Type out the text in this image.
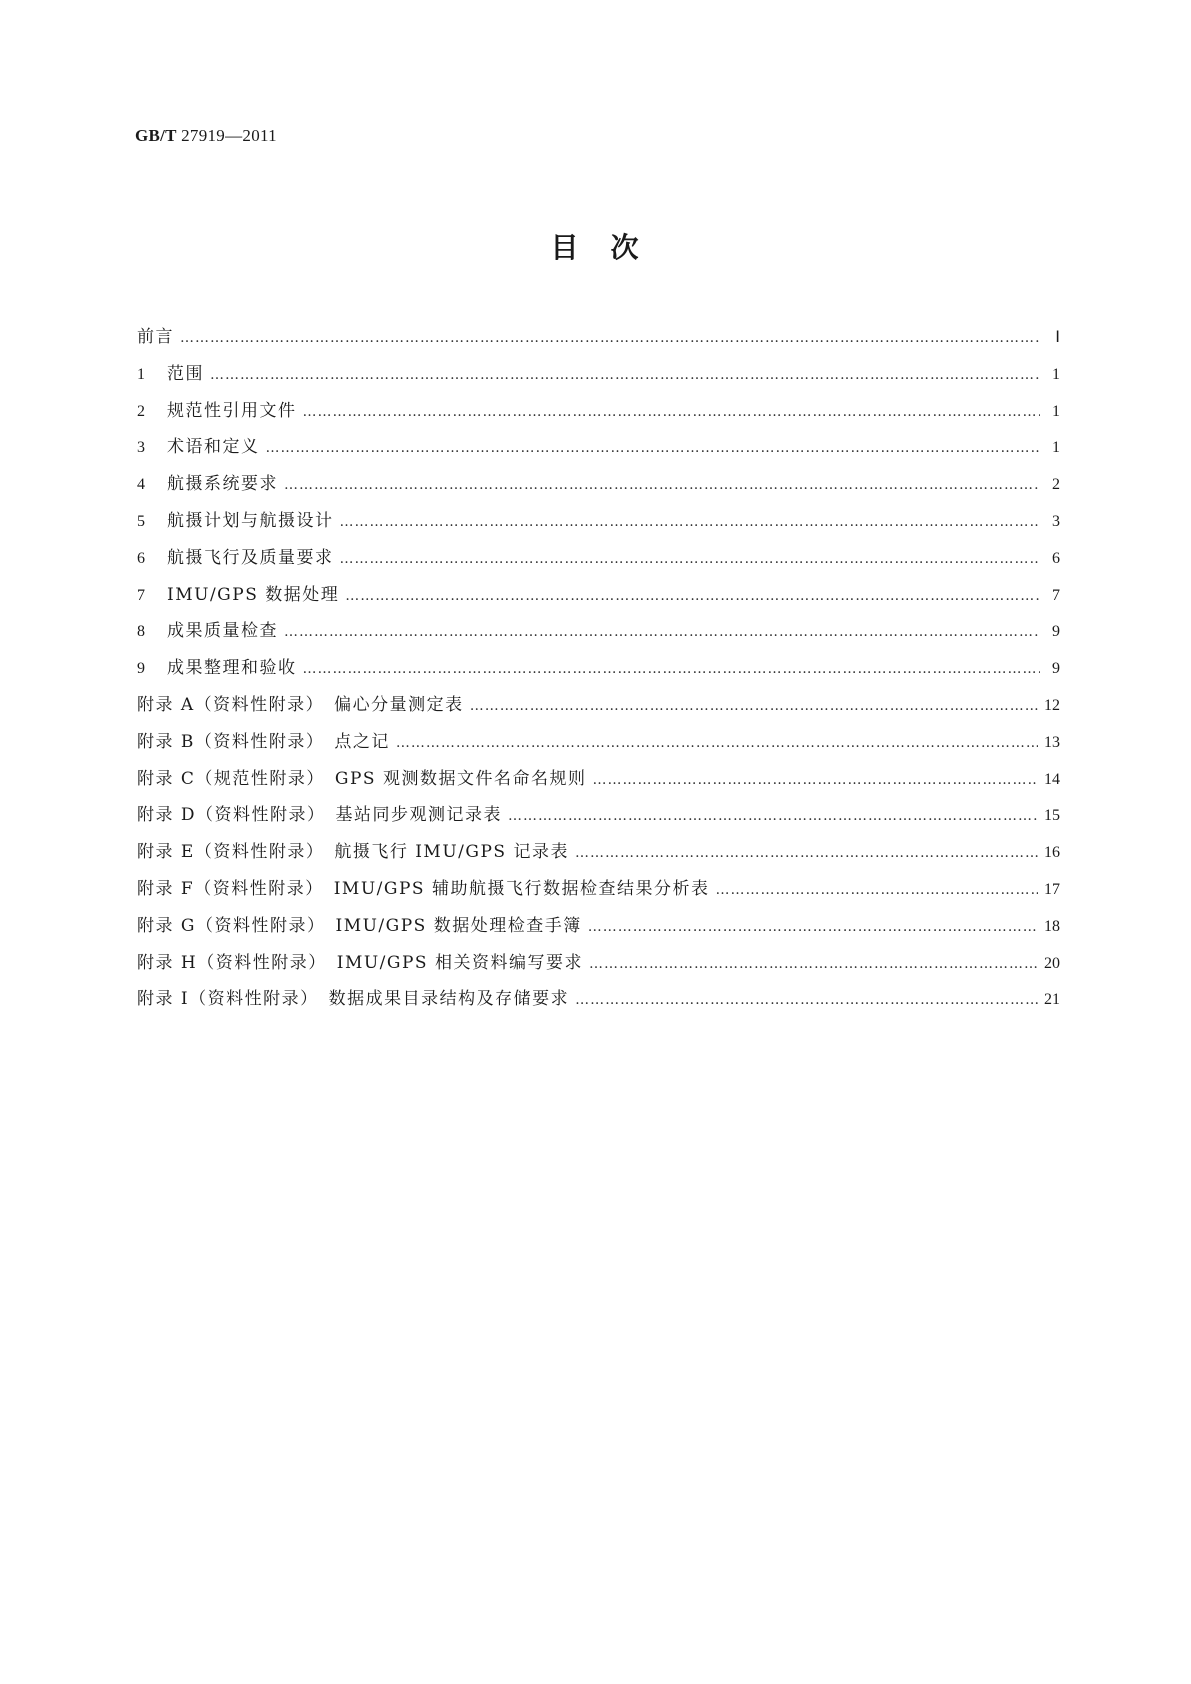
GB/T 27919—2011
目　次
前言 ……………………………………………………………………………………………………………………………………………………………………………………………	Ⅰ
1 范围 ……………………………………………………………………………………………………………………………………………………………………………………………	1
2 规范性引用文件 ……………………………………………………………………………………………………………………………………………………………………………………………	1
3 术语和定义 ……………………………………………………………………………………………………………………………………………………………………………………………	1
4 航摄系统要求 ……………………………………………………………………………………………………………………………………………………………………………………………	2
5 航摄计划与航摄设计 ……………………………………………………………………………………………………………………………………………………………………………………………	3
6 航摄飞行及质量要求 ……………………………………………………………………………………………………………………………………………………………………………………………	6
7 IMU/GPS 数据处理 ……………………………………………………………………………………………………………………………………………………………………………………………	7
8 成果质量检查 ……………………………………………………………………………………………………………………………………………………………………………………………	9
9 成果整理和验收 ……………………………………………………………………………………………………………………………………………………………………………………………	9
附录 A（资料性附录）　偏心分量测定表 ……………………………………………………………………………………………………………………………………………………………………………………………	12
附录 B（资料性附录）　点之记 ……………………………………………………………………………………………………………………………………………………………………………………………	13
附录 C（规范性附录）　GPS 观测数据文件名命名规则 ……………………………………………………………………………………………………………………………………………………………………………………………	14
附录 D（资料性附录）　基站同步观测记录表 ……………………………………………………………………………………………………………………………………………………………………………………………	15
附录 E（资料性附录）　航摄飞行 IMU/GPS 记录表 ……………………………………………………………………………………………………………………………………………………………………………………………	16
附录 F（资料性附录）　IMU/GPS 辅助航摄飞行数据检查结果分析表 ……………………………………………………………………………………………………………………………………………………………………………………………	17
附录 G（资料性附录）　IMU/GPS 数据处理检查手簿 ……………………………………………………………………………………………………………………………………………………………………………………………	18
附录 H（资料性附录）　IMU/GPS 相关资料编写要求 ……………………………………………………………………………………………………………………………………………………………………………………………	20
附录 I（资料性附录）　数据成果目录结构及存储要求 ……………………………………………………………………………………………………………………………………………………………………………………………	21
